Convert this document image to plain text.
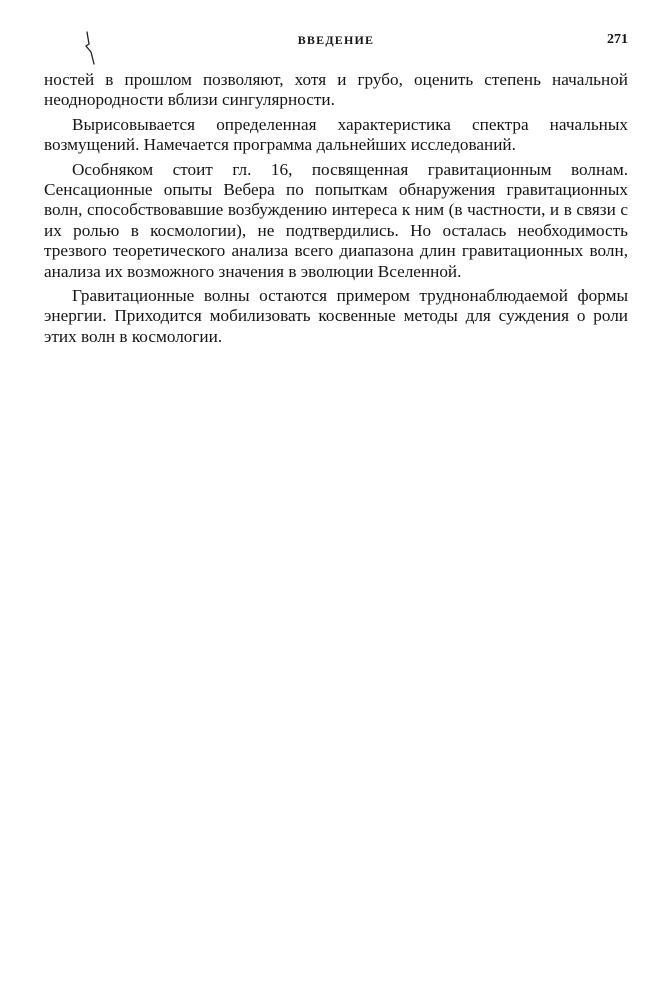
ВВЕДЕНИЕ	271

ностей в прошлом позволяют, хотя и грубо, оценить степень начальной неоднородности вблизи сингулярности.

Вырисовывается определенная характеристика спектра начальных возмущений. Намечается программа дальнейших исследований.

Особняком стоит гл. 16, посвященная гравитационным волнам. Сенсационные опыты Вебера по попыткам обнаружения гравитационных волн, способствовавшие возбуждению интереса к ним (в частности, и в связи с их ролью в космологии), не подтвердились. Но осталась необходимость трезвого теоретического анализа всего диапазона длин гравитационных волн, анализа их возможного значения в эволюции Вселенной.

Гравитационные волны остаются примером труднонаблюдаемой формы энергии. Приходится мобилизовать косвенные методы для суждения о роли этих волн в космологии.
